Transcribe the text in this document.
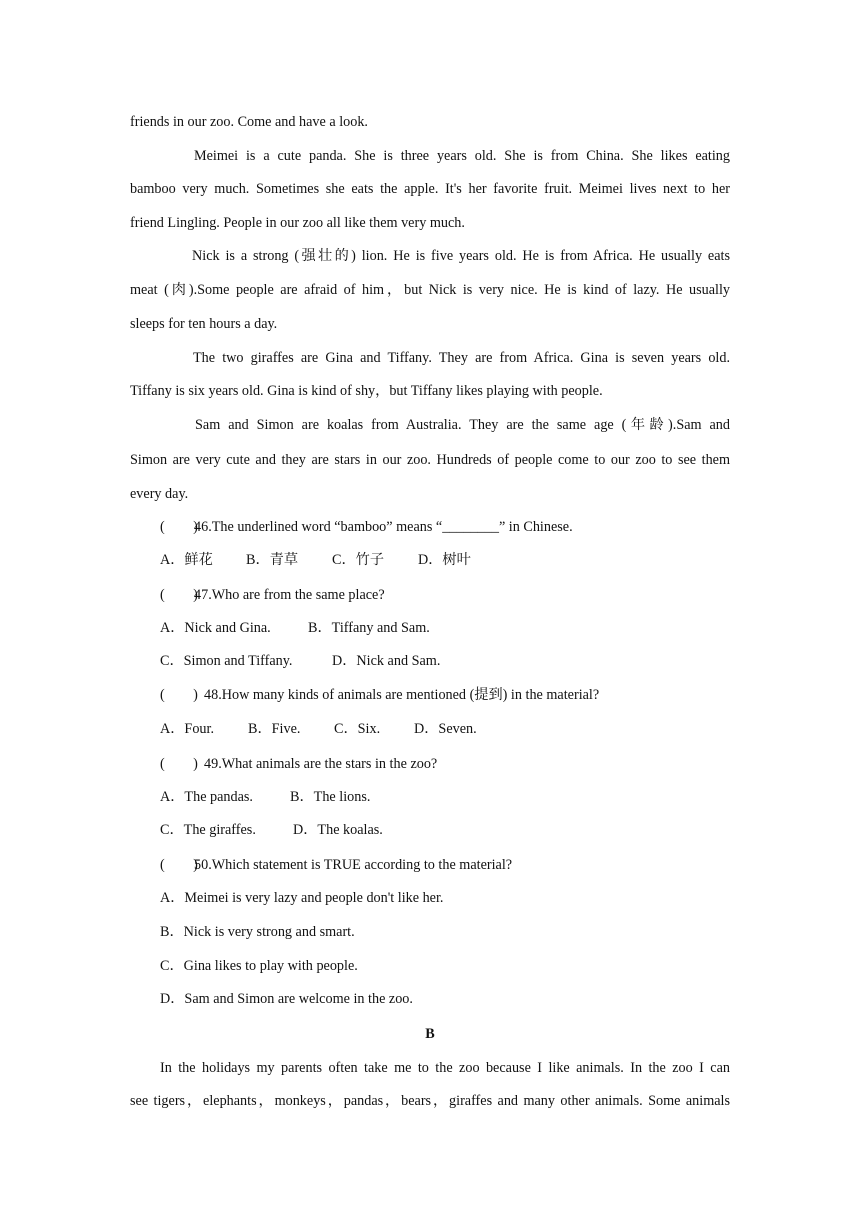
friends in our zoo. Come and have a look.
Meimei is a cute panda. She is three years old. She is from China. She likes eating
bamboo very much. Sometimes she eats the apple. It's her favorite fruit. Meimei lives next to her
friend Lingling. People in our zoo all like them very much.
Nick is a strong (强壮的) lion. He is five years old. He is from Africa. He usually eats
meat (肉).Some people are afraid of him，but Nick is very nice. He is kind of lazy. He usually
sleeps for ten hours a day.
The two giraffes are Gina and Tiffany. They are from Africa. Gina is seven years old.
Tiffany is six years old. Gina is kind of shy，but Tiffany likes playing with people.
Sam and Simon are koalas from Australia. They are the same age (年龄).Sam and
Simon are very cute and they are stars in our zoo. Hundreds of people come to our zoo to see them
every day.
(　　)46.The underlined word “bamboo” means “________” in Chinese.
A．鲜花 B．青草 C．竹子 D．树叶
(　　)47.Who are from the same place?
A．Nick and Gina.	B．Tiffany and Sam.
C．Simon and Tiffany.	D．Nick and Sam.
(　　) 48.How many kinds of animals are mentioned (提到) in the material?
A．Four. B．Five. C．Six. D．Seven.
(　　) 49.What animals are the stars in the zoo?
A．The pandas.	B．The lions.
C．The giraffes.	D．The koalas.
(　　)50.Which statement is TRUE according to the material?
A．Meimei is very lazy and people don't like her.
B．Nick is very strong and smart.
C．Gina likes to play with people.
D．Sam and Simon are welcome in the zoo.
B
In the holidays my parents often take me to the zoo because I like animals. In the zoo I can
see tigers，elephants，monkeys，pandas，bears，giraffes and many other animals. Some animals
